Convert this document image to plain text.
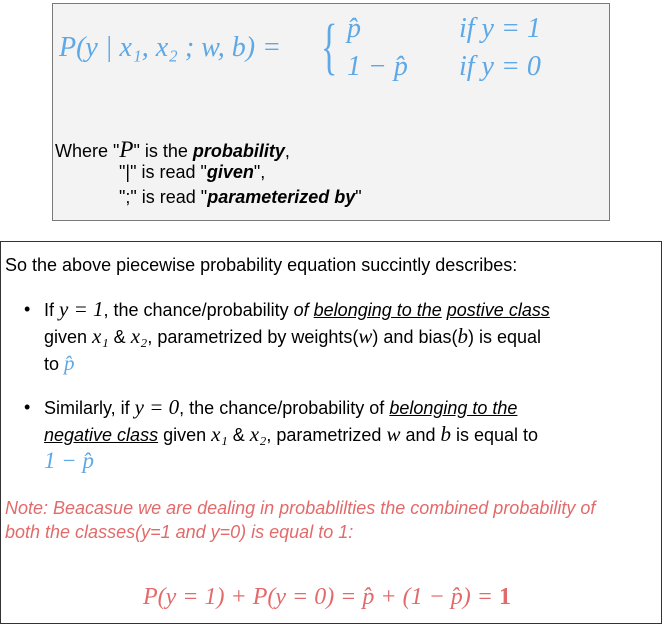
P(y | x₁, x₂ ; w, b) = { p̂	if y = 1
1 − p̂ if y = 0
Where "P" is the probability,
"|" is read "given",
";" is read "parameterized by"
So the above piecewise probability equation succintly describes:
• If y = 1, the chance/probability of belonging to the postive class
given x₁ & x₂, parametrized by weights(w) and bias(b) is equal
to p̂
• Similarly, if y = 0, the chance/probability of belonging to the
negative class given x₁ & x₂, parametrized w and b is equal to
1 − p̂
Note: Beacasue we are dealing in probablilties the combined probability of
both the classes(y=1 and y=0) is equal to 1:
P(y = 1) + P(y = 0) = p̂ + (1 − p̂) = 1
